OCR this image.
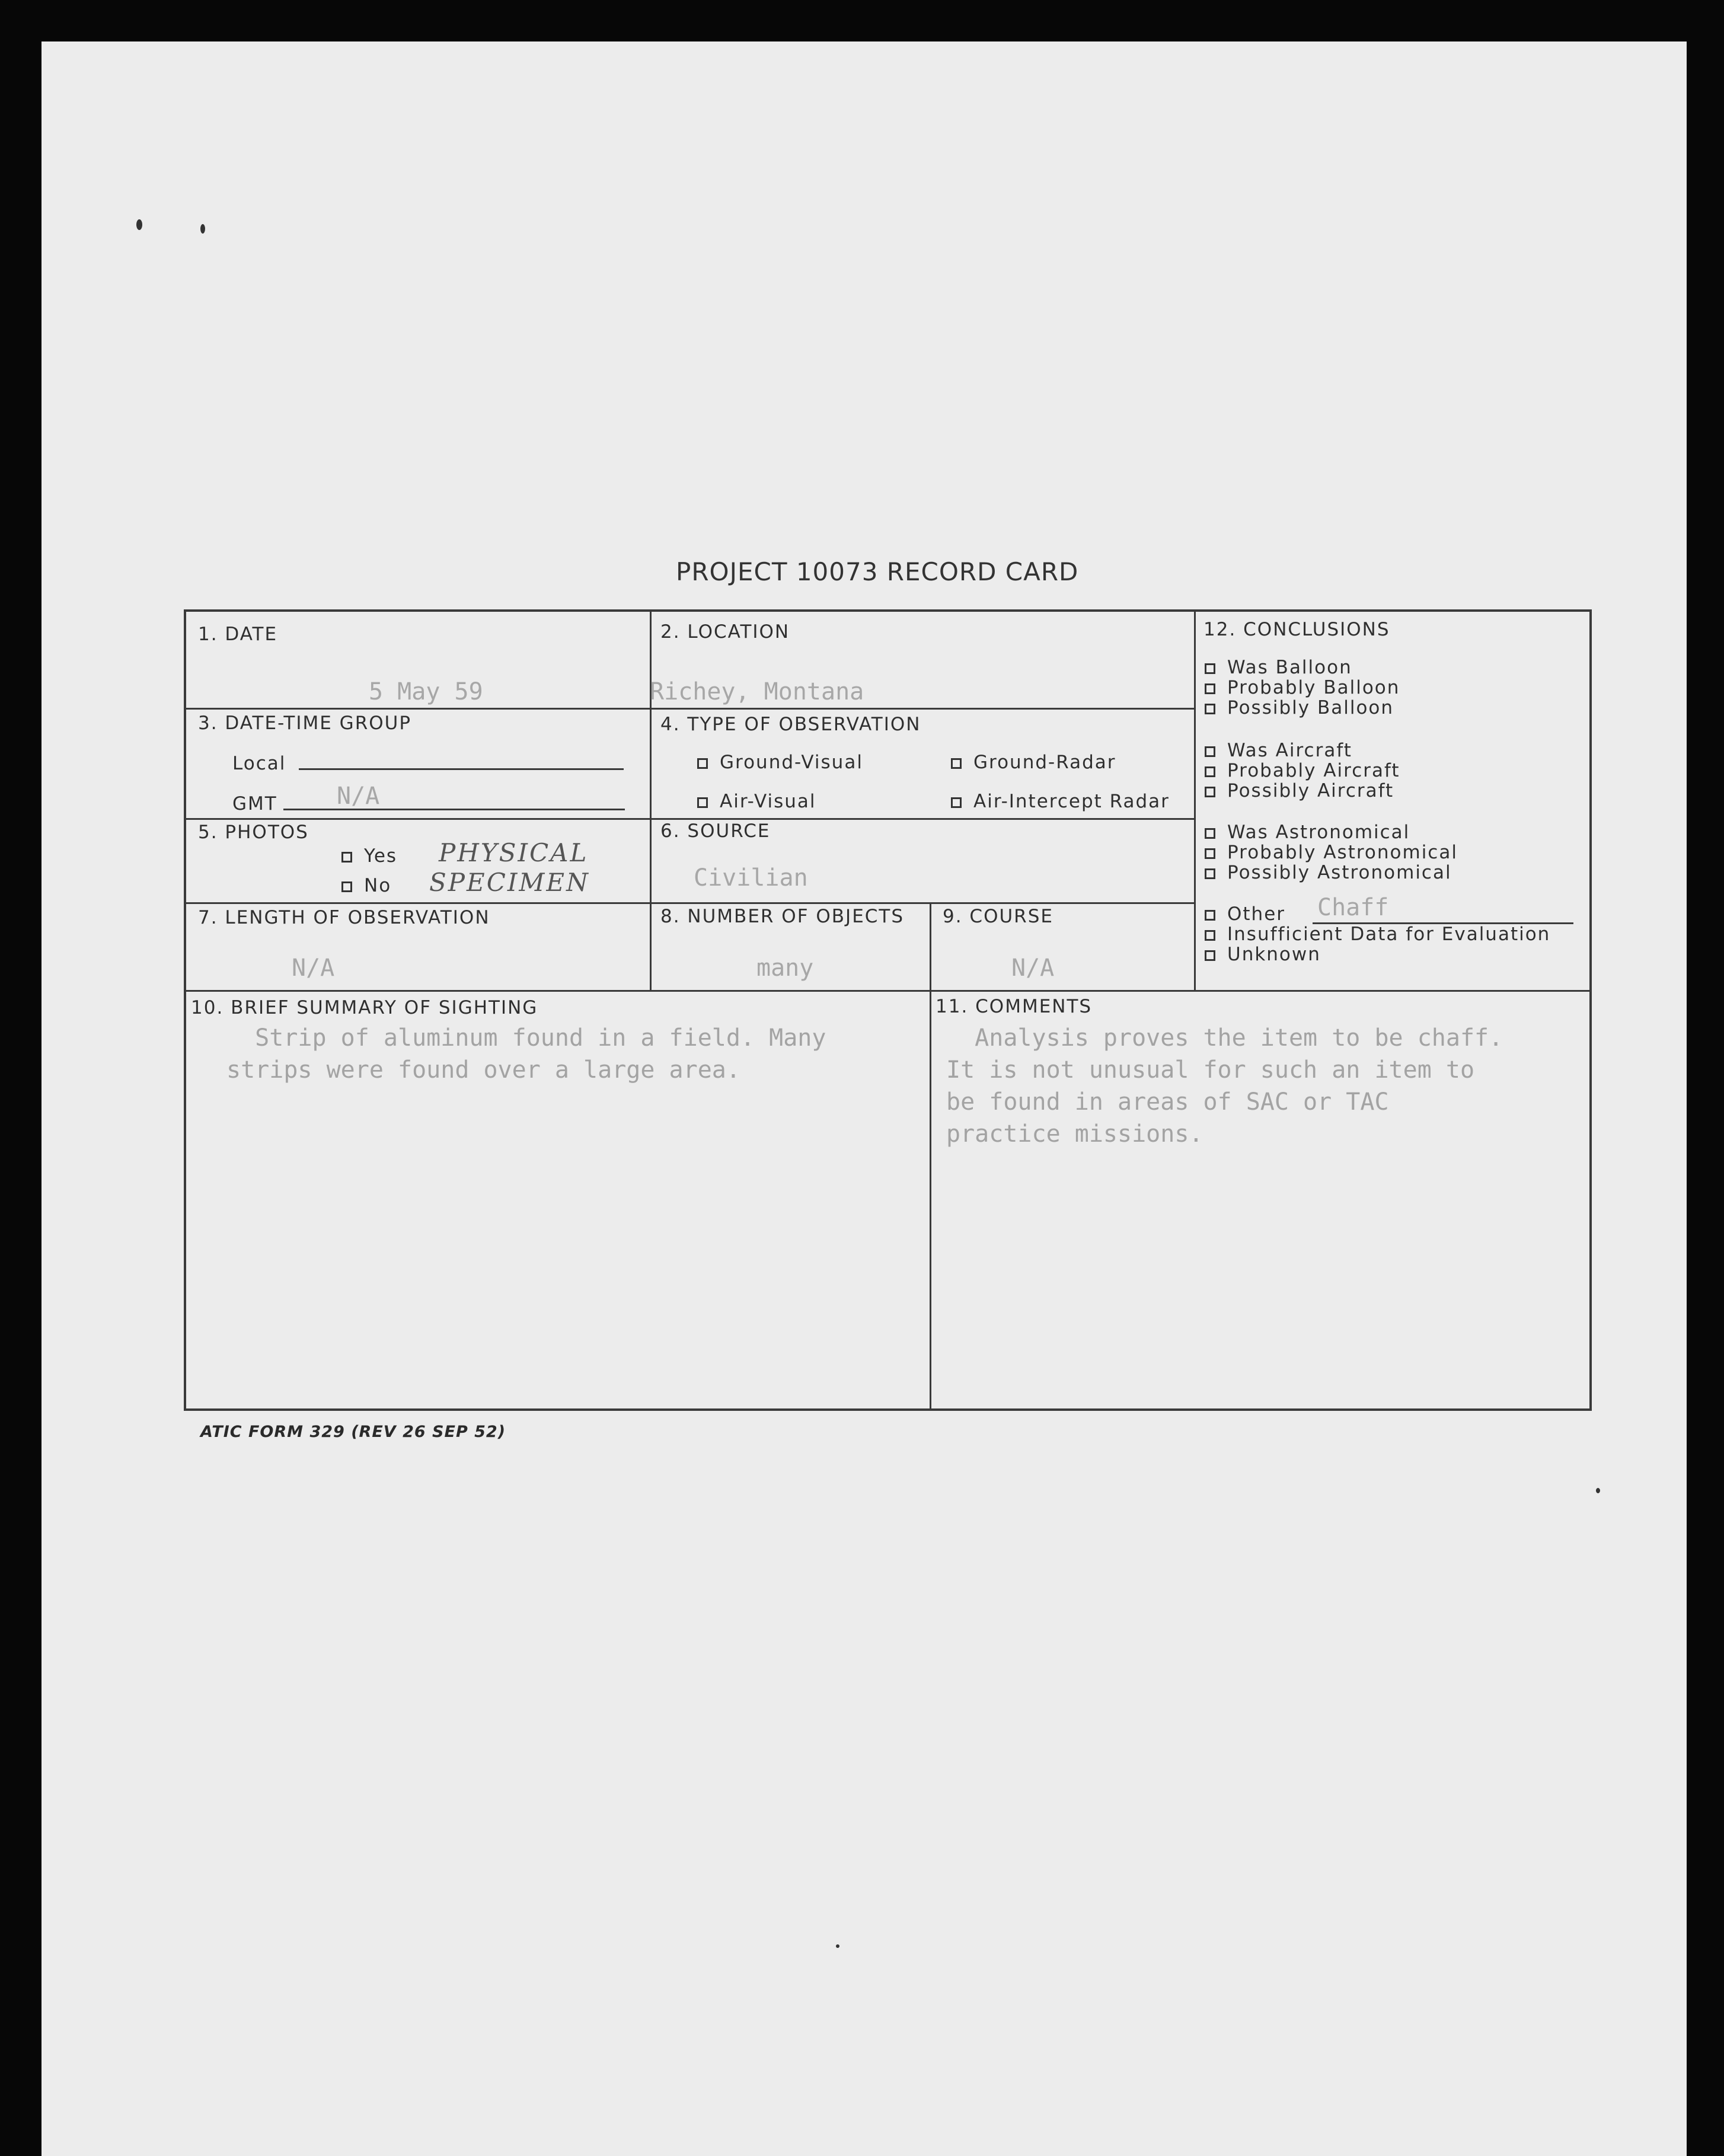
PROJECT 10073 RECORD CARD
1. DATE
5 May 59
2. LOCATION
Richey, Montana
3. DATE-TIME GROUP
Local
GMT	N/A
4. TYPE OF OBSERVATION
Ground-Visual	Ground-Radar
Air-Visual	Air-Intercept Radar
5. PHOTOS
Yes
No
PHYSICAL
SPECIMEN
6. SOURCE
Civilian
7. LENGTH OF OBSERVATION
N/A
8. NUMBER OF OBJECTS
many
9. COURSE
N/A
10. BRIEF SUMMARY OF SIGHTING
Strip of aluminum found in a field. Many
strips were found over a large area.
11. COMMENTS
Analysis proves the item to be chaff.
It is not unusual for such an item to
be found in areas of SAC or TAC
practice missions.
12. CONCLUSIONS
Was Balloon
Probably Balloon
Possibly Balloon
Was Aircraft
Probably Aircraft
Possibly Aircraft
Was Astronomical
Probably Astronomical
Possibly Astronomical
Other Chaff
Insufficient Data for Evaluation
Unknown
ATIC FORM 329 (REV 26 SEP 52)
